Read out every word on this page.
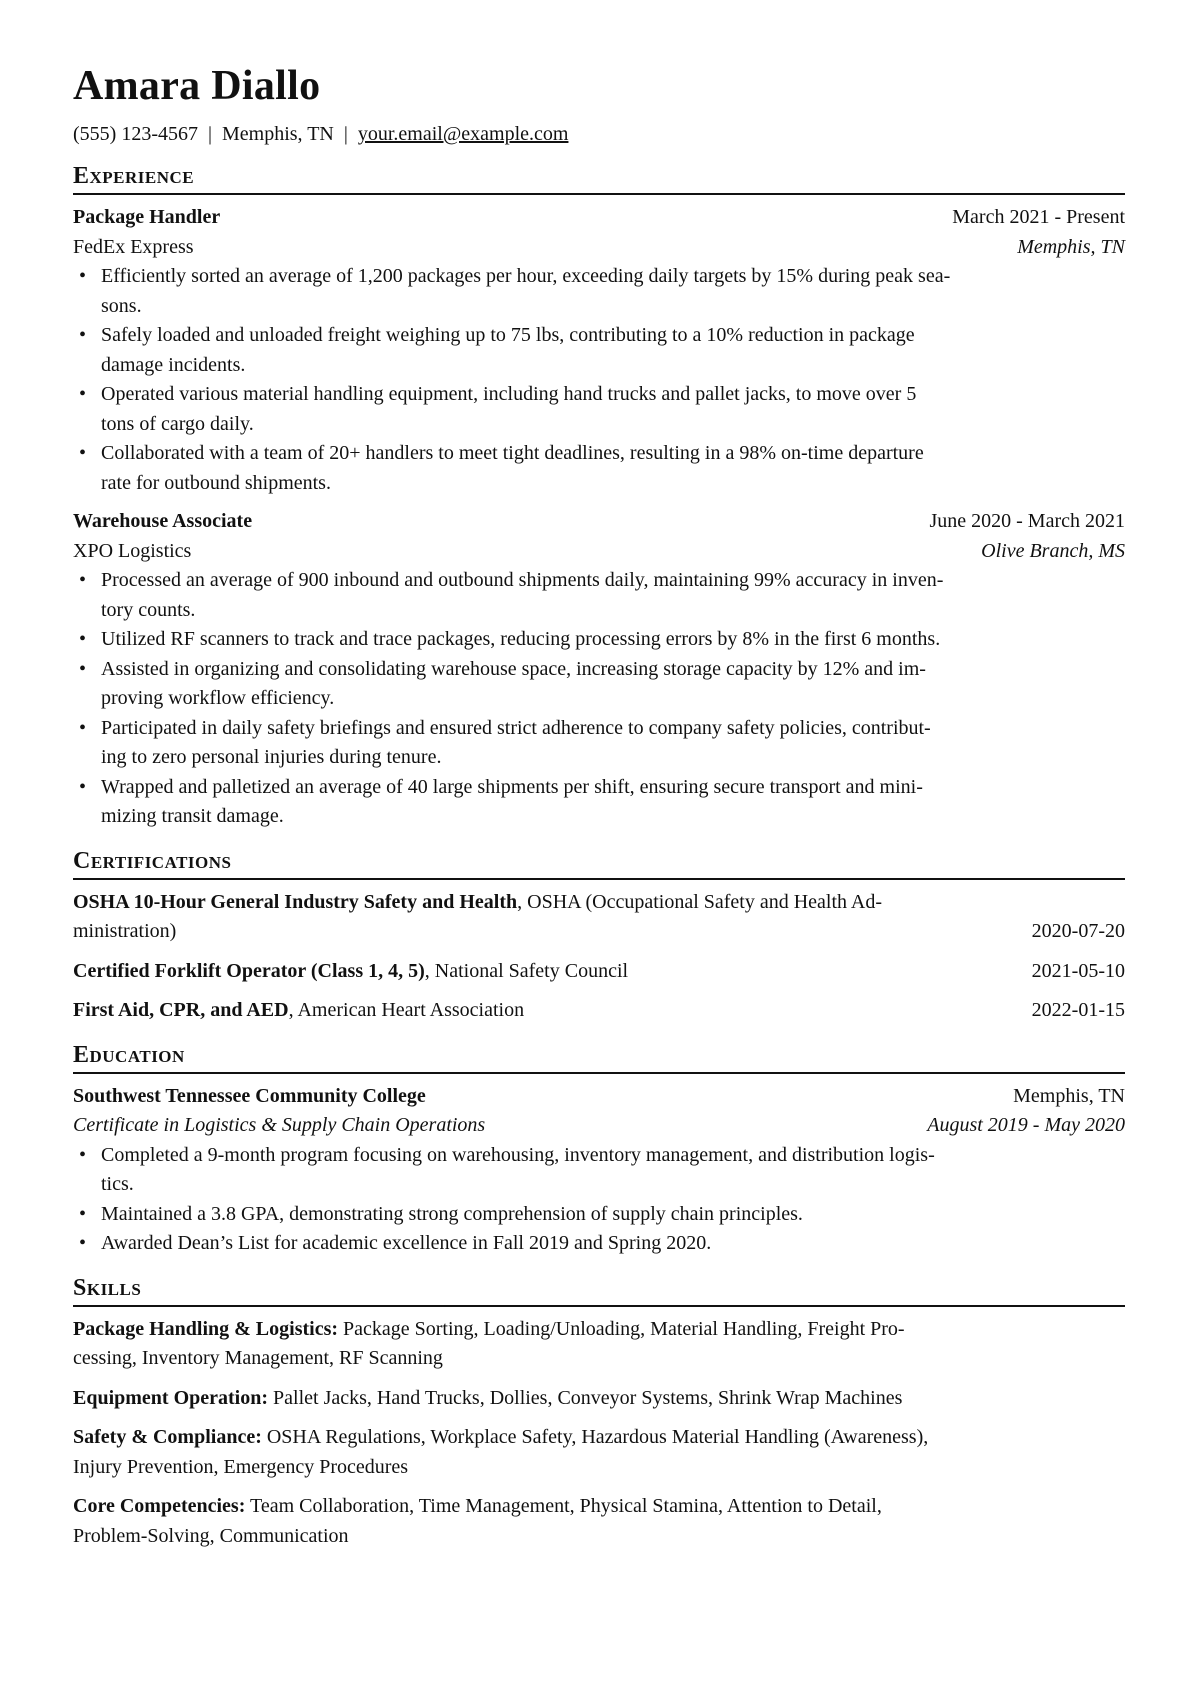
Amara Diallo
(555) 123-4567 | Memphis, TN | your.email@example.com
Experience
Package Handler	March 2021 - Present
FedEx Express	Memphis, TN
• Efficiently sorted an average of 1,200 packages per hour, exceeding daily targets by 15% during peak sea-
sons.
• Safely loaded and unloaded freight weighing up to 75 lbs, contributing to a 10% reduction in package
damage incidents.
• Operated various material handling equipment, including hand trucks and pallet jacks, to move over 5
tons of cargo daily.
• Collaborated with a team of 20+ handlers to meet tight deadlines, resulting in a 98% on-time departure
rate for outbound shipments.
Warehouse Associate	June 2020 - March 2021
XPO Logistics	Olive Branch, MS
• Processed an average of 900 inbound and outbound shipments daily, maintaining 99% accuracy in inven-
tory counts.
• Utilized RF scanners to track and trace packages, reducing processing errors by 8% in the first 6 months.
• Assisted in organizing and consolidating warehouse space, increasing storage capacity by 12% and im-
proving workflow efficiency.
• Participated in daily safety briefings and ensured strict adherence to company safety policies, contribut-
ing to zero personal injuries during tenure.
• Wrapped and palletized an average of 40 large shipments per shift, ensuring secure transport and mini-
mizing transit damage.
Certifications
OSHA 10-Hour General Industry Safety and Health, OSHA (Occupational Safety and Health Ad-
ministration)	2020-07-20
Certified Forklift Operator (Class 1, 4, 5), National Safety Council	2021-05-10
First Aid, CPR, and AED, American Heart Association	2022-01-15
Education
Southwest Tennessee Community College	Memphis, TN
Certificate in Logistics & Supply Chain Operations	August 2019 - May 2020
• Completed a 9-month program focusing on warehousing, inventory management, and distribution logis-
tics.
• Maintained a 3.8 GPA, demonstrating strong comprehension of supply chain principles.
• Awarded Dean’s List for academic excellence in Fall 2019 and Spring 2020.
Skills
Package Handling & Logistics: Package Sorting, Loading/Unloading, Material Handling, Freight Pro-
cessing, Inventory Management, RF Scanning
Equipment Operation: Pallet Jacks, Hand Trucks, Dollies, Conveyor Systems, Shrink Wrap Machines
Safety & Compliance: OSHA Regulations, Workplace Safety, Hazardous Material Handling (Awareness),
Injury Prevention, Emergency Procedures
Core Competencies: Team Collaboration, Time Management, Physical Stamina, Attention to Detail,
Problem-Solving, Communication
